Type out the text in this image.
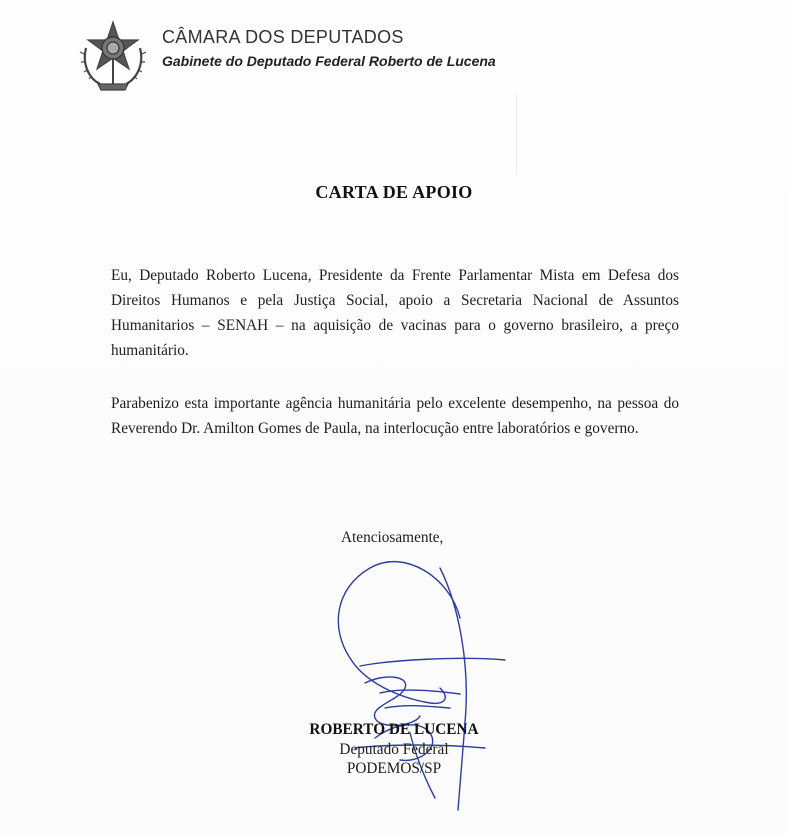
CÂMARA DOS DEPUTADOS
Gabinete do Deputado Federal Roberto de Lucena
CARTA DE APOIO

Eu, Deputado Roberto Lucena, Presidente da Frente Parlamentar Mista em Defesa dos Direitos Humanos e pela Justiça Social, apoio a Secretaria Nacional de Assuntos Humanitarios – SENAH – na aquisição de vacinas para o governo brasileiro, a preço humanitário.

Parabenizo esta importante agência humanitária pelo excelente desempenho, na pessoa do Reverendo Dr. Amilton Gomes de Paula, na interlocução entre laboratórios e governo.

Atenciosamente,
ROBERTO DE LUCENA
Deputado Federal
PODEMOS/SP
